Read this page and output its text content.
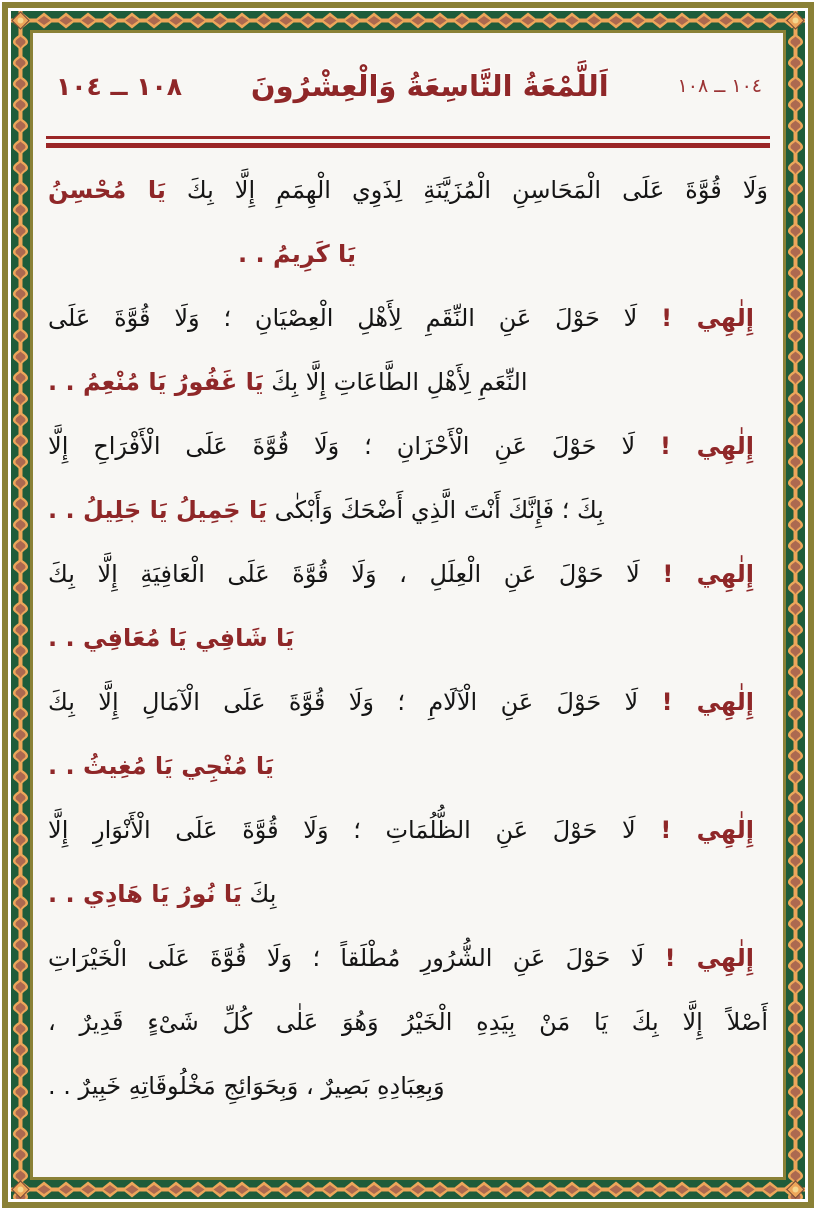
١٠٨ ــ ١٠٤ اَللَّمْعَةُ التَّاسِعَةُ وَالْعِشْرُونَ	١٠٤ ــ ١٠٨
وَلَا قُوَّةَ عَلَى الْمَحَاسِنِ الْمُزَيَّنَةِ لِذَوِي الْهِمَمِ إِلَّا بِكَ يَا مُحْسِنُ
يَا كَرِيمُ . .
إِلٰهِي ! لَا حَوْلَ عَنِ النِّقَمِ لِأَهْلِ الْعِصْيَانِ ؛ وَلَا قُوَّةَ عَلَى
النِّعَمِ لِأَهْلِ الطَّاعَاتِ إِلَّا بِكَ يَا غَفُورُ يَا مُنْعِمُ . .
إِلٰهِي ! لَا حَوْلَ عَنِ الْأَحْزَانِ ؛ وَلَا قُوَّةَ عَلَى الْأَفْرَاحِ إِلَّا
بِكَ ؛ فَإِنَّكَ أَنْتَ الَّذِي أَضْحَكَ وَأَبْكٰى يَا جَمِيلُ يَا جَلِيلُ . .
إِلٰهِي ! لَا حَوْلَ عَنِ الْعِلَلِ ، وَلَا قُوَّةَ عَلَى الْعَافِيَةِ إِلَّا بِكَ
يَا شَافِي يَا مُعَافِي . .
إِلٰهِي ! لَا حَوْلَ عَنِ الْآلَامِ ؛ وَلَا قُوَّةَ عَلَى الْآمَالِ إِلَّا بِكَ
يَا مُنْجِي يَا مُغِيثُ . .
إِلٰهِي ! لَا حَوْلَ عَنِ الظُّلُمَاتِ ؛ وَلَا قُوَّةَ عَلَى الْأَنْوَارِ إِلَّا
بِكَ يَا نُورُ يَا هَادِي . .
إِلٰهِي ! لَا حَوْلَ عَنِ الشُّرُورِ مُطْلَقاً ؛ وَلَا قُوَّةَ عَلَى الْخَيْرَاتِ
أَصْلاً إِلَّا بِكَ يَا مَنْ بِيَدِهِ الْخَيْرُ وَهُوَ عَلٰى كُلِّ شَىْءٍ قَدِيرٌ ،
وَبِعِبَادِهِ بَصِيرٌ ، وَبِحَوَائِجِ مَخْلُوقَاتِهِ خَبِيرٌ . .
